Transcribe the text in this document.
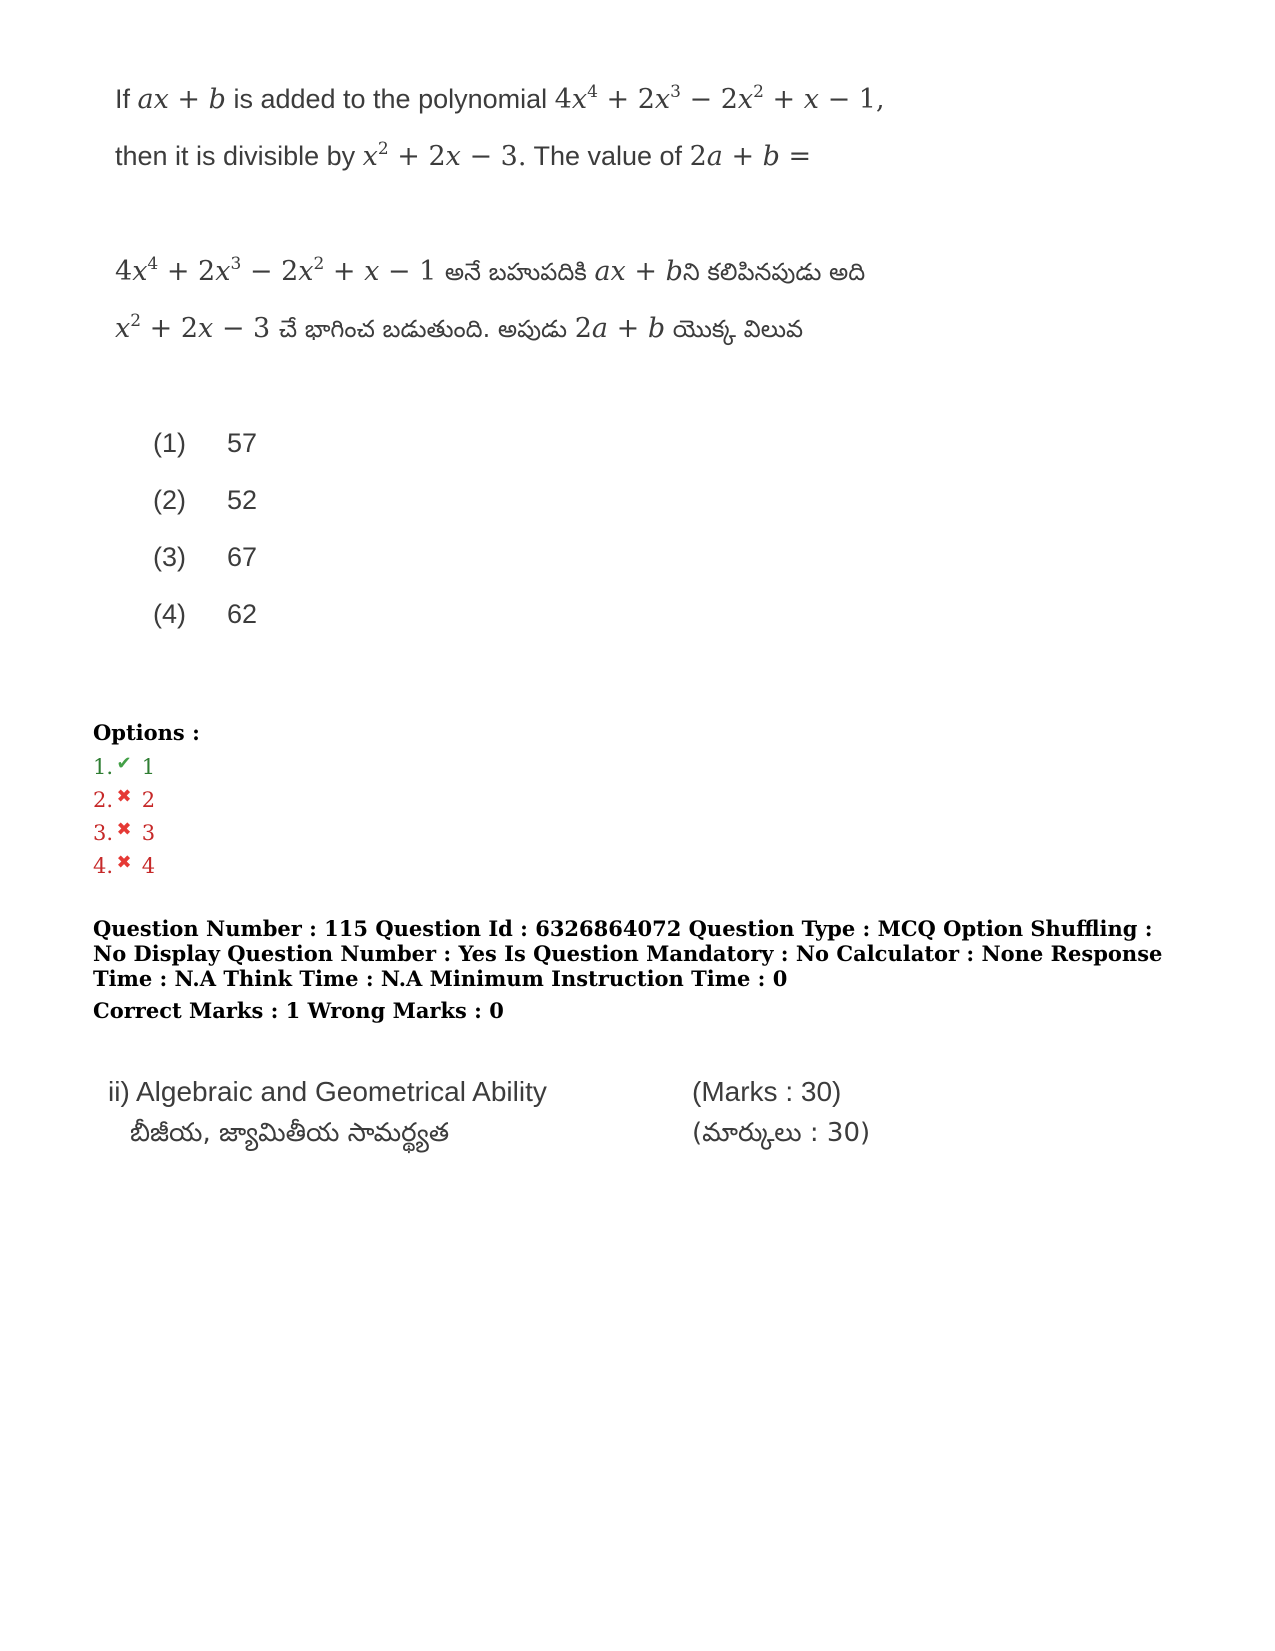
If ax + b is added to the polynomial $4x^4 + 2x^3 - 2x^2 + x - 1$,
then it is divisible by $x^2 + 2x - 3$. The value of 2a + b =
$4x^4 + 2x^3 - 2x^2 + x - 1$ అనే బహుపదికి ax + bని కలిపినపుడు అది
$x^2 + 2x - 3$ చే భాగించ బడుతుంది. అపుడు 2a + b యొక్క విలువ
(1) 57
(2) 52
(3) 67
(4) 62
Options :
1. ✔ 1
2. ✖ 2
3. ✖ 3
4. ✖ 4
Question Number : 115 Question Id : 6326864072 Question Type : MCQ Option Shuffling : No Display Question Number : Yes Is Question Mandatory : No Calculator : None Response Time : N.A Think Time : N.A Minimum Instruction Time : 0
Correct Marks : 1 Wrong Marks : 0
ii) Algebraic and Geometrical Ability
బీజీయ, జ్యామితీయ సామర్థ్యత
(Marks : 30)
(మార్కులు : 30)
